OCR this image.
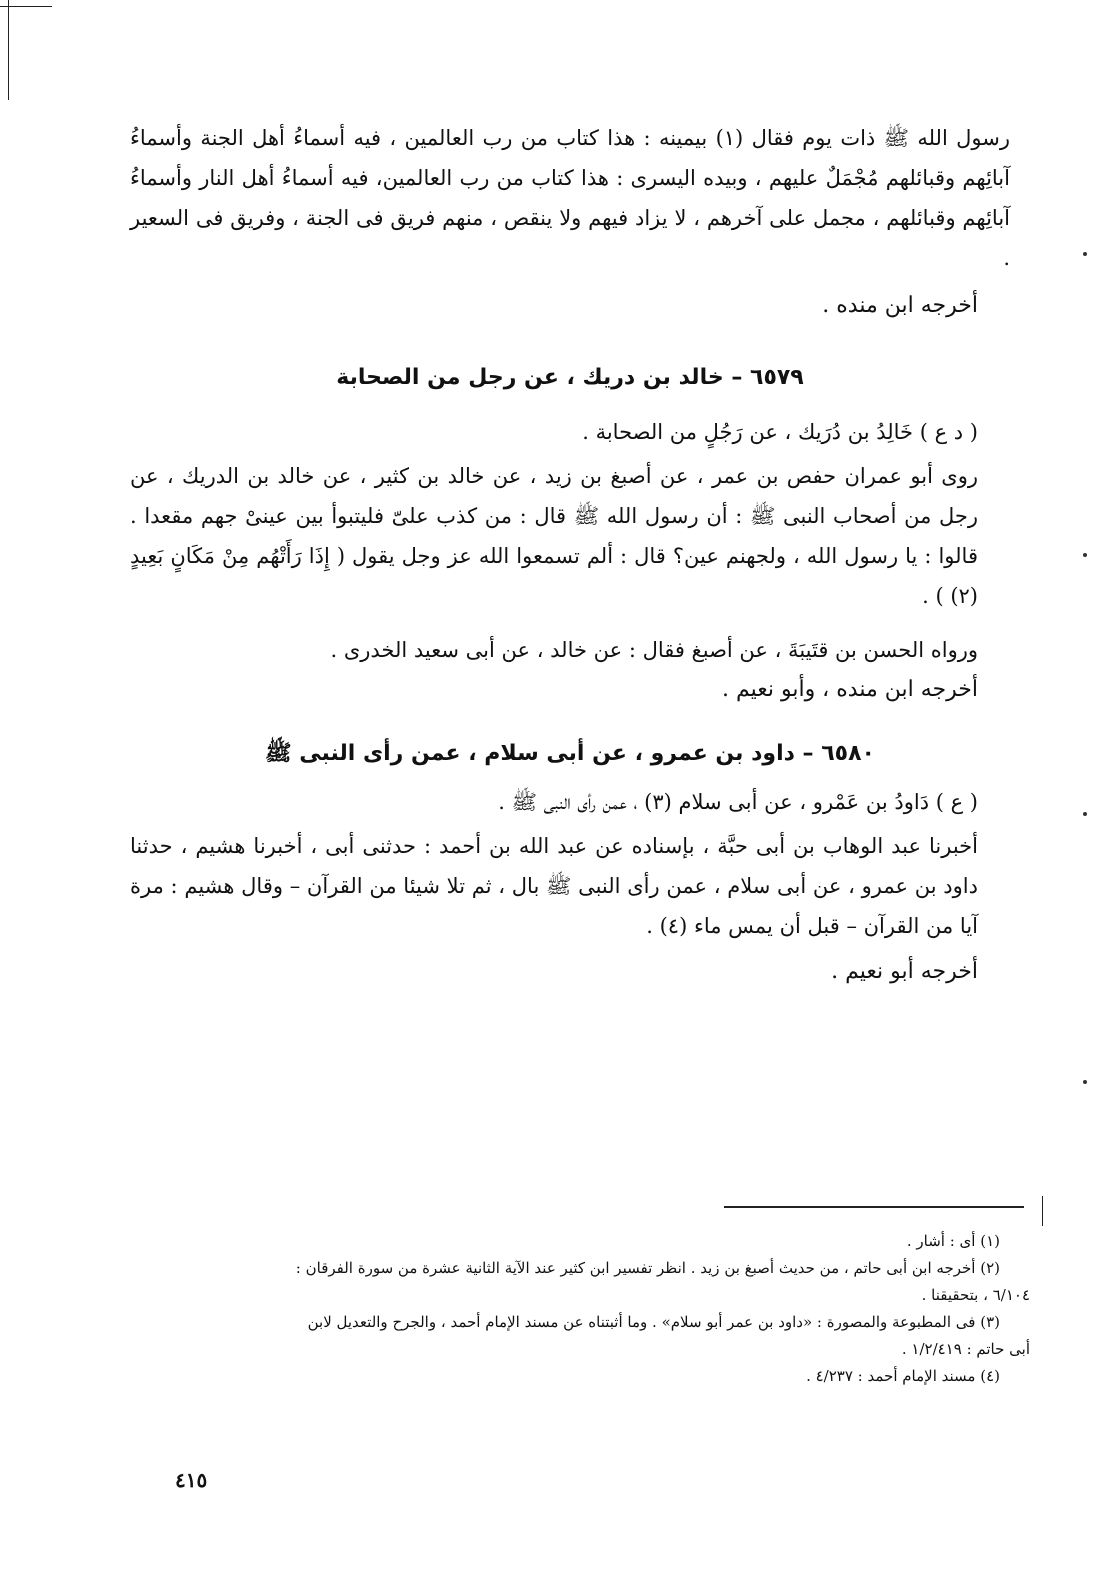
رسول الله ﷺ ذات يوم فقال (١) بيمينه : هذا كتاب من رب العالمين ، فيه أسماءُ أهل الجنة وأسماءُ آبائِهم وقبائلهم مُجْمَلٌ عليهم ، وبيده اليسرى : هذا كتاب من رب العالمين، فيه أسماءُ أهل النار وأسماءُ آبائِهم وقبائلهم ، مجمل على آخرهم ، لا يزاد فيهم ولا ينقص ، منهم فريق فى الجنة ، وفريق فى السعير .

أخرجه ابن منده .

٦٥٧٩ – خالد بن دريك ، عن رجل من الصحابة

( د ع ) خَالِدُ بن دُرَيك ، عن رَجُلٍ من الصحابة .

روى أبو عمران حفص بن عمر ، عن أصبغ بن زيد ، عن خالد بن كثير ، عن خالد بن الدريك ، عن رجل من أصحاب النبى ﷺ : أن رسول الله ﷺ قال : من كذب علىّ فليتبوأ بين عينىْ جهم مقعدا . قالوا : يا رسول الله ، ولجهنم عين؟ قال : ألم تسمعوا الله عز وجل يقول ( إِذَا رَأَتْهُم مِنْ مَكَانٍ بَعِيدٍ (٢) ) .

ورواه الحسن بن قتَيبَةَ ، عن أصبغ فقال : عن خالد ، عن أبى سعيد الخدرى .

أخرجه ابن منده ، وأبو نعيم .

٦٥٨٠ – داود بن عمرو ، عن أبى سلام ، عمن رأى النبى ﷺ

( ع ) دَاودُ بن عَمْرو ، عن أبى سلام (٣) ، عمن رأى النبى ﷺ .

أخبرنا عبد الوهاب بن أبى حبَّة ، بإسناده عن عبد الله بن أحمد : حدثنى أبى ، أخبرنا هشيم ، حدثنا داود بن عمرو ، عن أبى سلام ، عمن رأى النبى ﷺ بال ، ثم تلا شيئا من القرآن – وقال هشيم : مرة آيا من القرآن – قبل أن يمس ماء (٤) .

أخرجه أبو نعيم .

(١) أى : أشار .

(٢) أخرجه ابن أبى حاتم ، من حديث أصبغ بن زيد . انظر تفسير ابن كثير عند الآية الثانية عشرة من سورة الفرقان :

٦/١٠٤ ، بتحقيقنا .

(٣) فى المطبوعة والمصورة : «داود بن عمر أبو سلام» . وما أثبتناه عن مسند الإمام أحمد ، والجرح والتعديل لابن

أبى حاتم : ١/٢/٤١٩ .

(٤) مسند الإمام أحمد : ٤/٢٣٧ .

٤١٥
